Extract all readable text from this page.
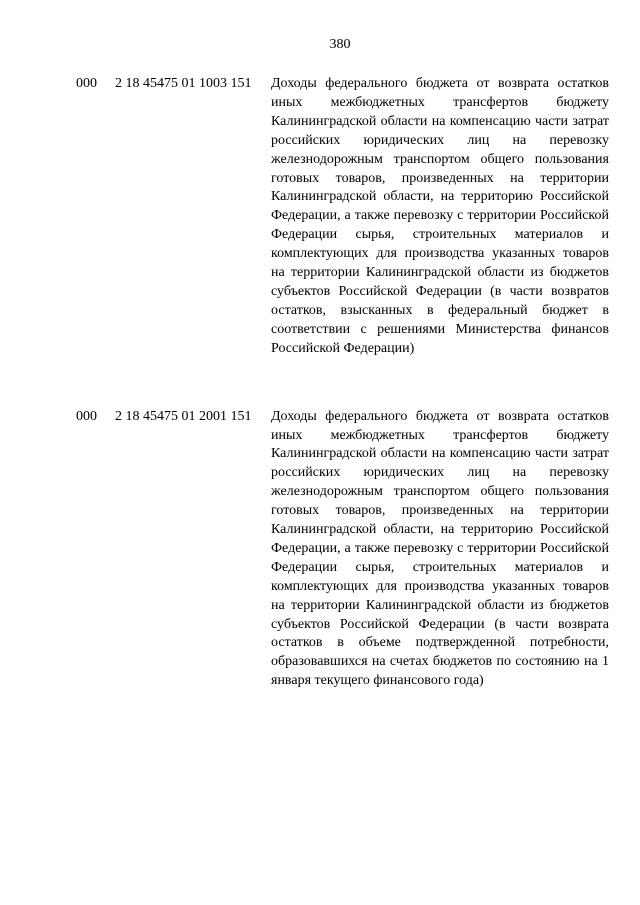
380
000 2 18 45475 01 1003 151 Доходы федерального бюджета от возврата остатков иных межбюджетных трансфертов бюджету Калининградской области на компенсацию части затрат российских юридических лиц на перевозку железнодорожным транспортом общего пользования готовых товаров, произведенных на территории Калининградской области, на территорию Российской Федерации, а также перевозку с территории Российской Федерации сырья, строительных материалов и комплектующих для производства указанных товаров на территории Калининградской области из бюджетов субъектов Российской Федерации (в части возвратов остатков, взысканных в федеральный бюджет в соответствии с решениями Министерства финансов Российской Федерации)
000 2 18 45475 01 2001 151 Доходы федерального бюджета от возврата остатков иных межбюджетных трансфертов бюджету Калининградской области на компенсацию части затрат российских юридических лиц на перевозку железнодорожным транспортом общего пользования готовых товаров, произведенных на территории Калининградской области, на территорию Российской Федерации, а также перевозку с территории Российской Федерации сырья, строительных материалов и комплектующих для производства указанных товаров на территории Калининградской области из бюджетов субъектов Российской Федерации (в части возврата остатков в объеме подтвержденной потребности, образовавшихся на счетах бюджетов по состоянию на 1 января текущего финансового года)
